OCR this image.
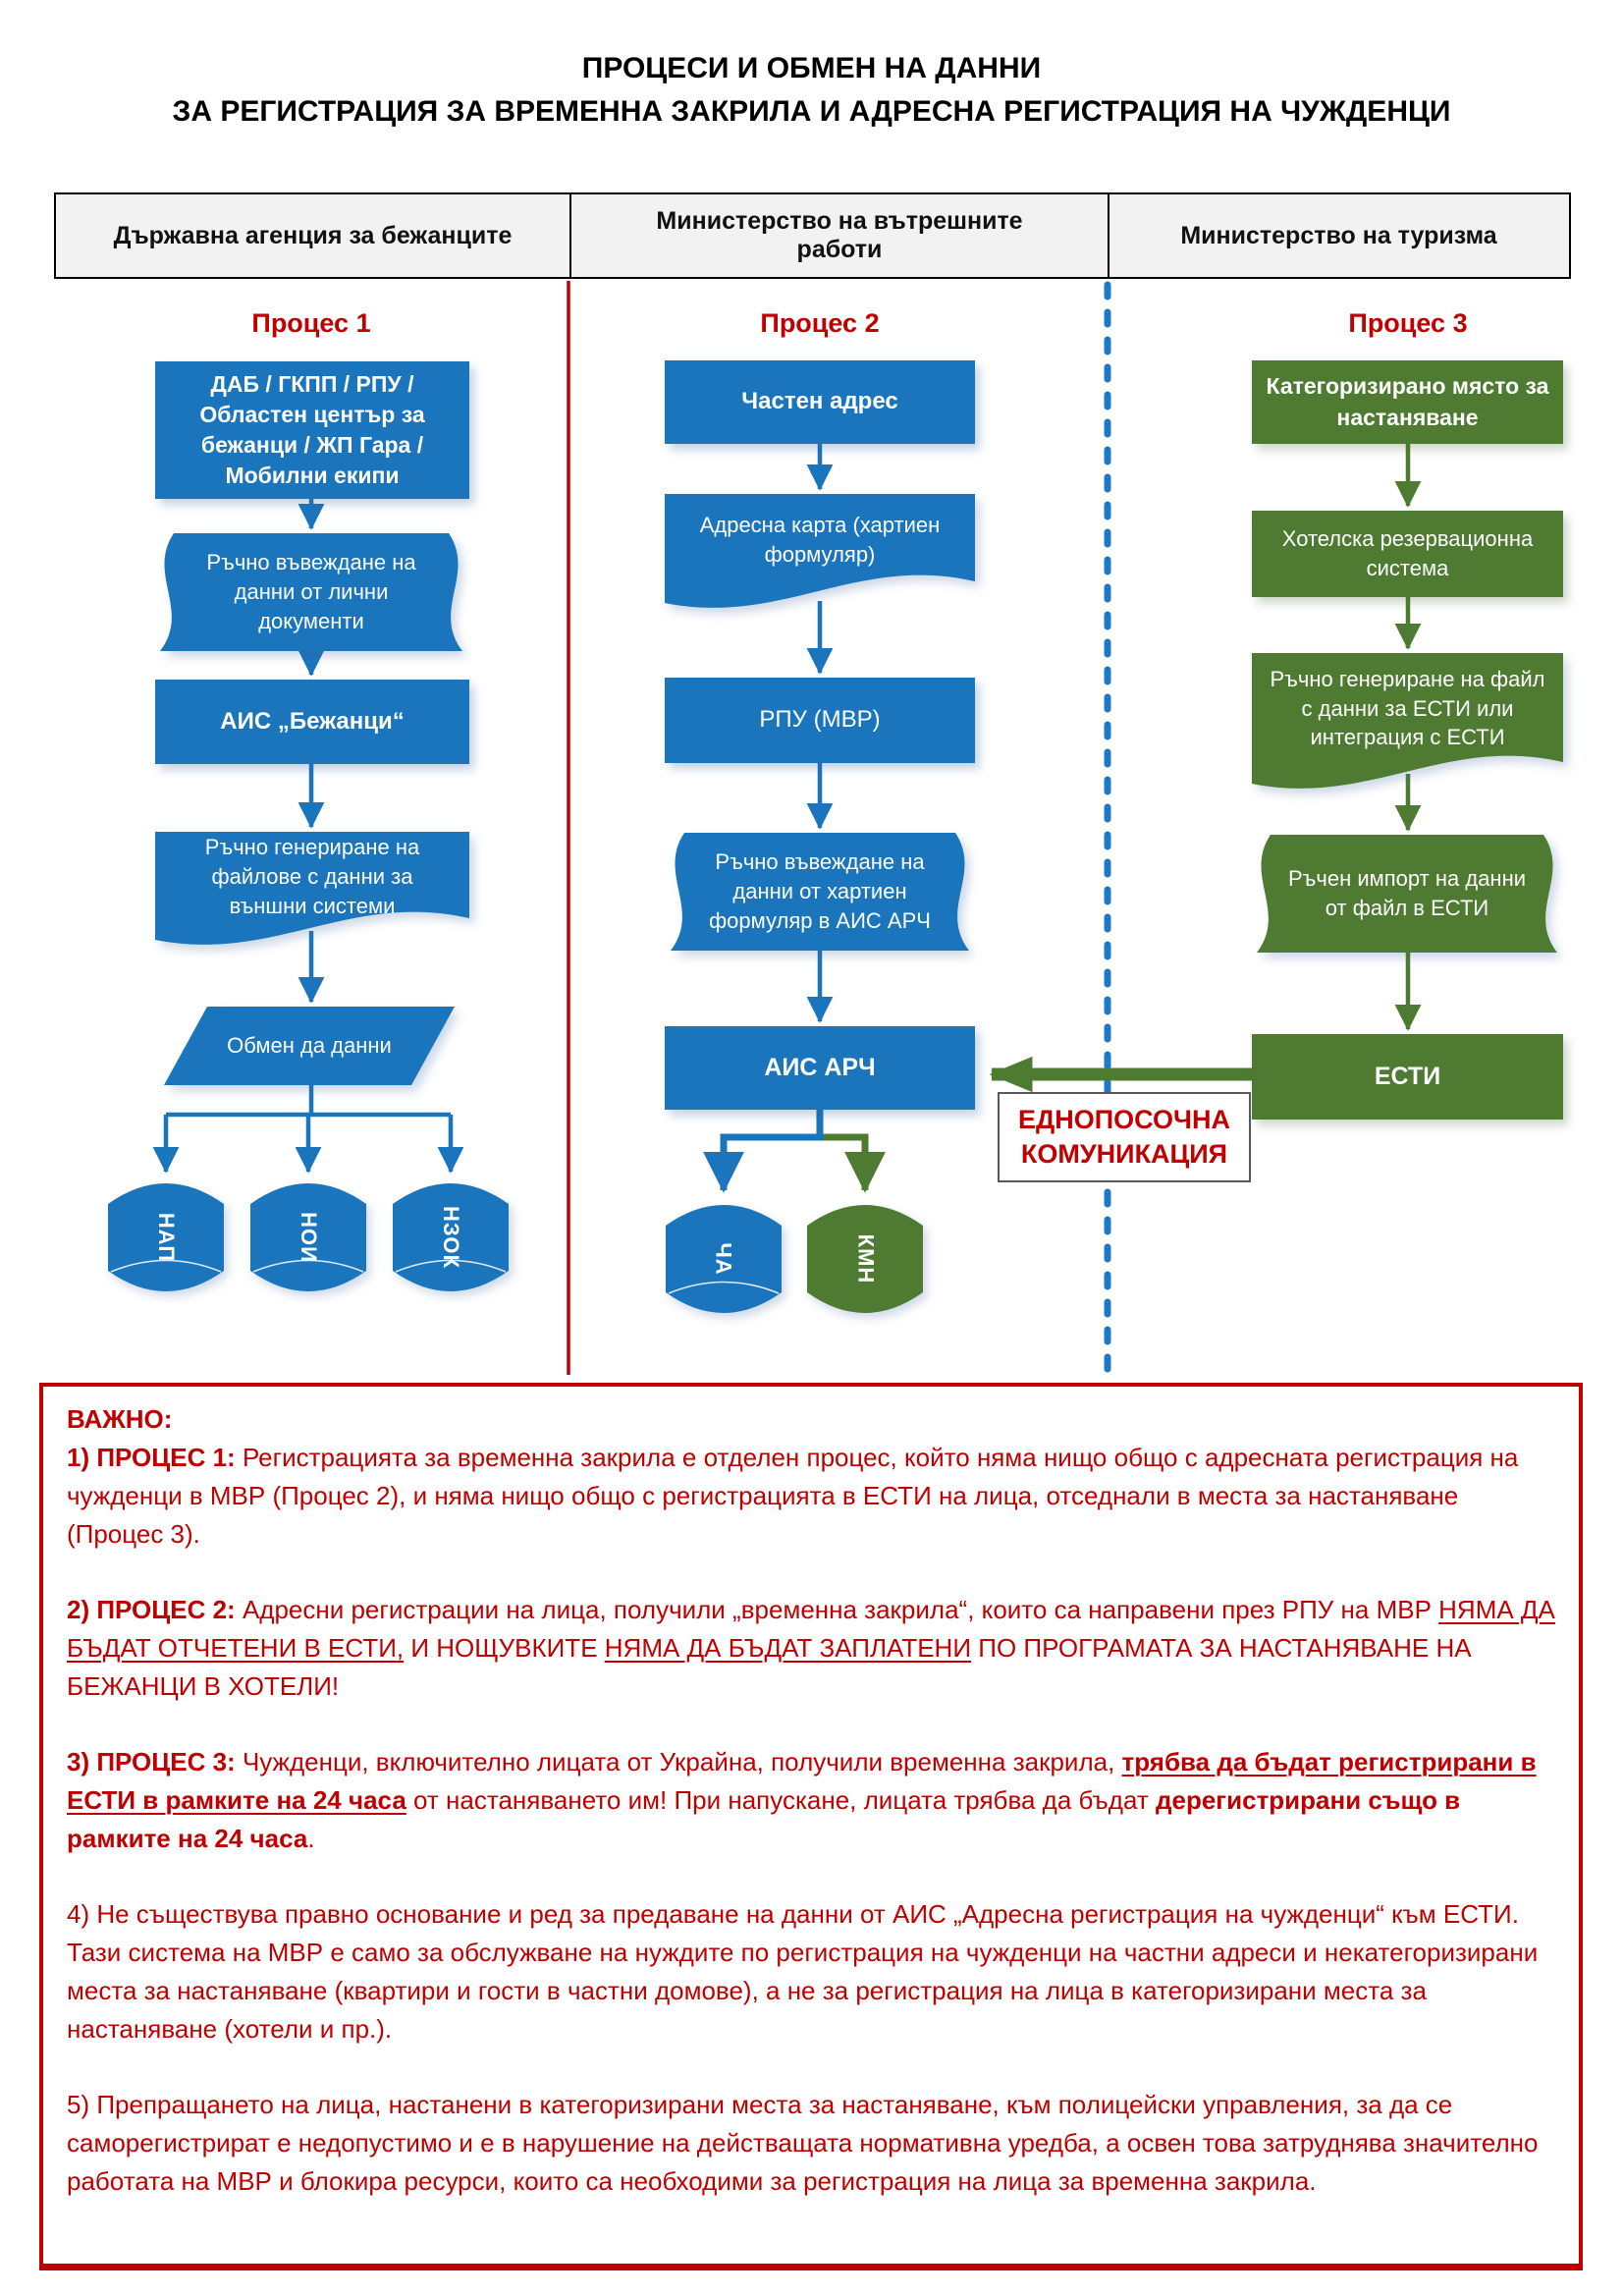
ПРОЦЕСИ И ОБМЕН НА ДАННИ
ЗА РЕГИСТРАЦИЯ ЗА ВРЕМЕННА ЗАКРИЛА И АДРЕСНА РЕГИСТРАЦИЯ НА ЧУЖДЕНЦИ
Държавна агенция за бежанците
Министерство на вътрешните работи
Министерство на туризма
Процес 1	Процес 2	Процес 3
ДАБ / ГКПП / РПУ / Областен център за бежанци / ЖП Гара / Мобилни екипи
Ръчно въвеждане на данни от лични документи
АИС „Бежанци“
Ръчно генериране на файлове с данни за външни системи
Обмен да данни
НАП	НОИ	НЗОК
Частен адрес
Адресна карта (хартиен формуляр)
РПУ (МВР)
Ръчно въвеждане на данни от хартиен формуляр в АИС АРЧ
АИС АРЧ
ЧА	КМН
ЕДНОПОСОЧНА КОМУНИКАЦИЯ
Категоризирано място за настаняване
Хотелска резервационна система
Ръчно генериране на файл с данни за ЕСТИ или интеграция с ЕСТИ
Ръчен импорт на данни от файл в ЕСТИ
ЕСТИ

ВАЖНО:

1) ПРОЦЕС 1: Регистрацията за временна закрила е отделен процес, който няма нищо общо с адресната регистрация на чужденци в МВР (Процес 2), и няма нищо общо с регистрацията в ЕСТИ на лица, отседнали в места за настаняване (Процес 3).

2) ПРОЦЕС 2: Адресни регистрации на лица, получили „временна закрила“, които са направени през РПУ на МВР НЯМА ДА БЪДАТ ОТЧЕТЕНИ В ЕСТИ, И НОЩУВКИТЕ НЯМА ДА БЪДАТ ЗАПЛАТЕНИ ПО ПРОГРАМАТА ЗА НАСТАНЯВАНЕ НА БЕЖАНЦИ В ХОТЕЛИ!

3) ПРОЦЕС 3: Чужденци, включително лицата от Украйна, получили временна закрила, трябва да бъдат регистрирани в ЕСТИ в рамките на 24 часа от настаняването им! При напускане, лицата трябва да бъдат дерегистрирани също в рамките на 24 часа.

4) Не съществува правно основание и ред за предаване на данни от АИС „Адресна регистрация на чужденци“ към ЕСТИ. Тази система на МВР е само за обслужване на нуждите по регистрация на чужденци на частни адреси и некатегоризирани места за настаняване (квартири и гости в частни домове), а не за регистрация на лица в категоризирани места за настаняване (хотели и пр.).

5) Препращането на лица, настанени в категоризирани места за настаняване, към полицейски управления, за да се саморегистрират е недопустимо и е в нарушение на действащата нормативна уредба, а освен това затруднява значително работата на МВР и блокира ресурси, които са необходими за регистрация на лица за временна закрила.
